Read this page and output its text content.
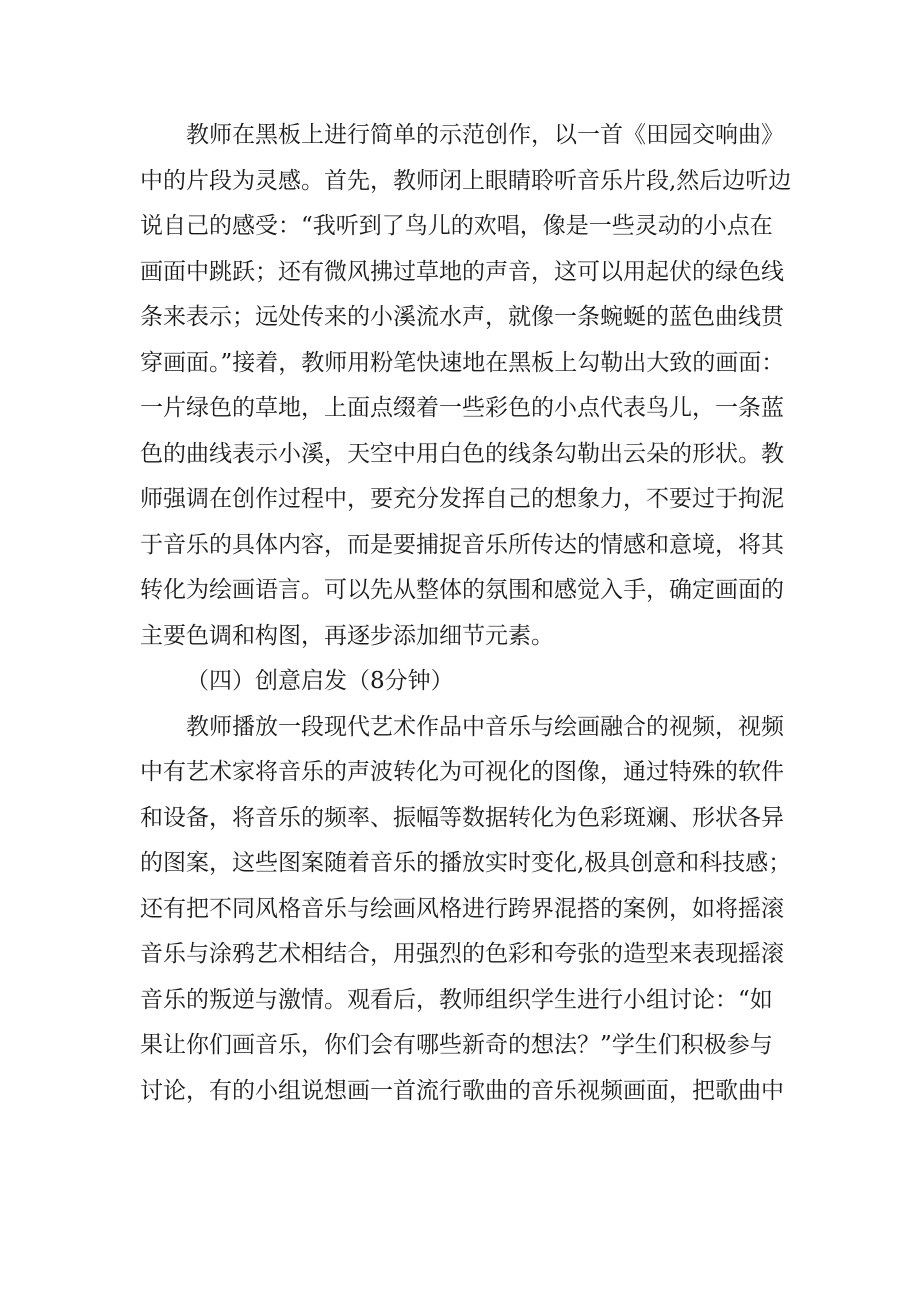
教师在黑板上进行简单的示范创作，以一首《田园交响曲》

中的片段为灵感。首先，教师闭上眼睛聆听音乐片段,然后边听边

说自己的感受：“我听到了鸟儿的欢唱，像是一些灵动的小点在

画面中跳跃；还有微风拂过草地的声音，这可以用起伏的绿色线

条来表示；远处传来的小溪流水声，就像一条蜿蜒的蓝色曲线贯

穿画面。”接着，教师用粉笔快速地在黑板上勾勒出大致的画面：

一片绿色的草地，上面点缀着一些彩色的小点代表鸟儿，一条蓝

色的曲线表示小溪，天空中用白色的线条勾勒出云朵的形状。教

师强调在创作过程中，要充分发挥自己的想象力，不要过于拘泥

于音乐的具体内容，而是要捕捉音乐所传达的情感和意境，将其

转化为绘画语言。可以先从整体的氛围和感觉入手，确定画面的

主要色调和构图，再逐步添加细节元素。

（四）创意启发（8分钟）

教师播放一段现代艺术作品中音乐与绘画融合的视频，视频

中有艺术家将音乐的声波转化为可视化的图像，通过特殊的软件

和设备，将音乐的频率、振幅等数据转化为色彩斑斓、形状各异

的图案，这些图案随着音乐的播放实时变化,极具创意和科技感；

还有把不同风格音乐与绘画风格进行跨界混搭的案例，如将摇滚

音乐与涂鸦艺术相结合，用强烈的色彩和夸张的造型来表现摇滚

音乐的叛逆与激情。观看后，教师组织学生进行小组讨论：“如

果让你们画音乐，你们会有哪些新奇的想法？”学生们积极参与

讨论，有的小组说想画一首流行歌曲的音乐视频画面，把歌曲中
